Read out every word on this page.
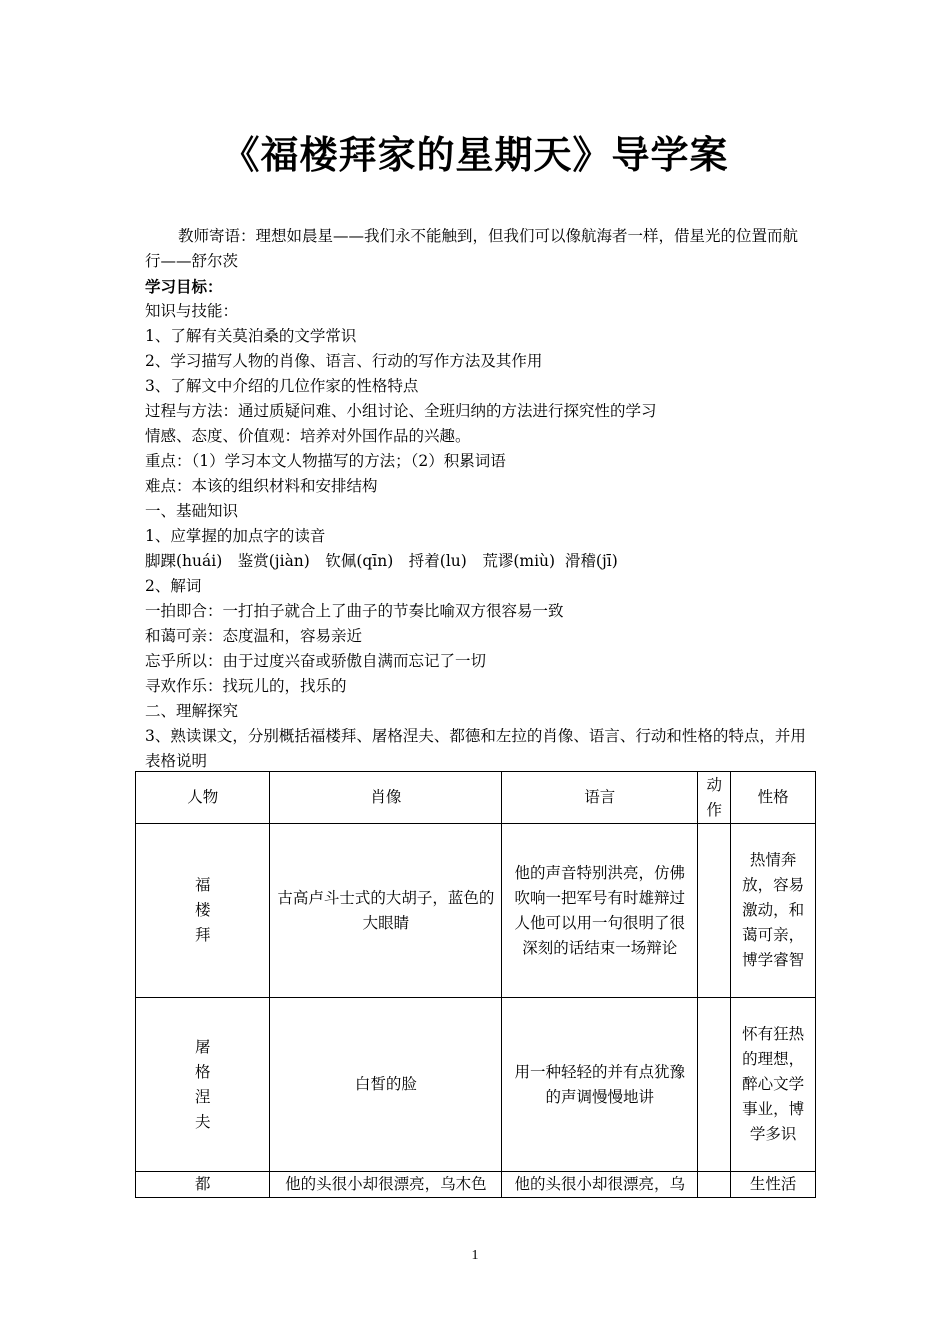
《福楼拜家的星期天》导学案

教师寄语：理想如晨星——我们永不能触到，但我们可以像航海者一样，借星光的位置而航行——舒尔茨

学习目标：

知识与技能：

1、了解有关莫泊桑的文学常识

2、学习描写人物的肖像、语言、行动的写作方法及其作用

3、了解文中介绍的几位作家的性格特点

过程与方法：通过质疑问难、小组讨论、全班归纳的方法进行探究性的学习

情感、态度、价值观：培养对外国作品的兴趣。

重点：（1）学习本文人物描写的方法；（2）积累词语

难点：本该的组织材料和安排结构

一、基础知识

1、应掌握的加点字的读音

脚踝(huái)　鉴赏(jiàn)　钦佩(qīn)　捋着(lu)　荒谬(miù)  滑稽(jī)

2、解词

一拍即合：一打拍子就合上了曲子的节奏比喻双方很容易一致

和蔼可亲：态度温和，容易亲近

忘乎所以：由于过度兴奋或骄傲自满而忘记了一切

寻欢作乐：找玩儿的，找乐的

二、理解探究

3、熟读课文，分别概括福楼拜、屠格涅夫、都德和左拉的肖像、语言、行动和性格的特点，并用表格说明

人物	肖像	语言	动作	性格

福
楼
拜	古高卢斗士式的大胡子，蓝色的大眼睛	他的声音特别洪亮，仿佛吹响一把军号有时雄辩过人他可以用一句很明了很深刻的话结束一场辩论		热情奔放，容易激动，和蔼可亲，博学睿智

屠
格
涅
夫	白皙的脸	用一种轻轻的并有点犹豫的声调慢慢地讲		怀有狂热的理想，醉心文学事业，博学多识

都	他的头很小却很漂亮，乌木色	他的头很小却很漂亮，乌		生性活
1
